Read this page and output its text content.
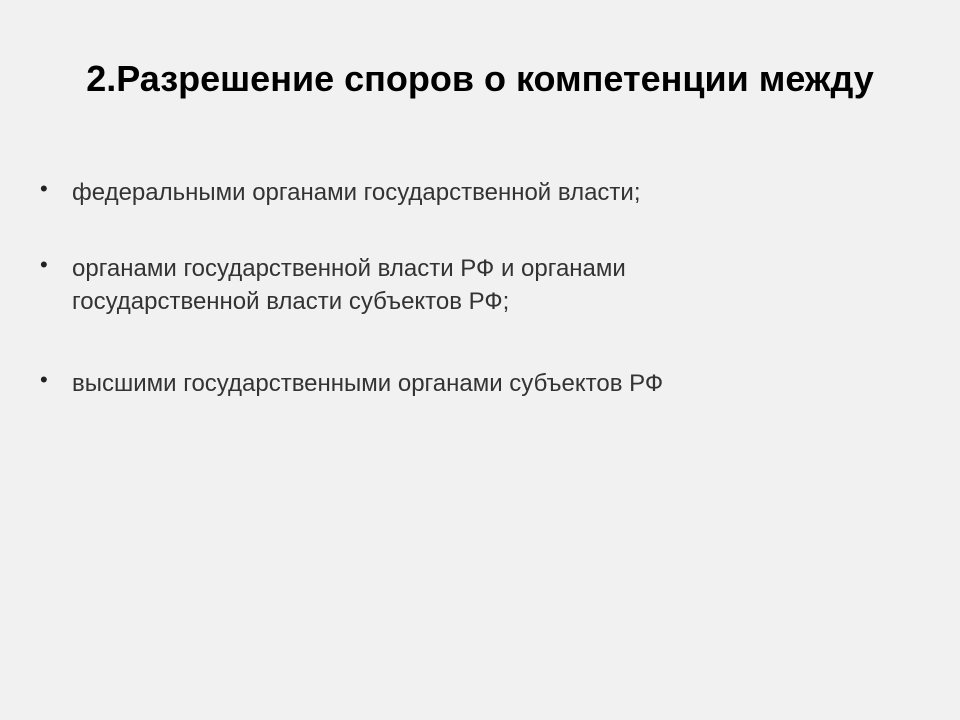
2.Разрешение споров о компетенции между
• федеральными органами государственной власти;
• органами государственной власти РФ и органами
государственной власти субъектов РФ;
• высшими государственными органами субъектов РФ
